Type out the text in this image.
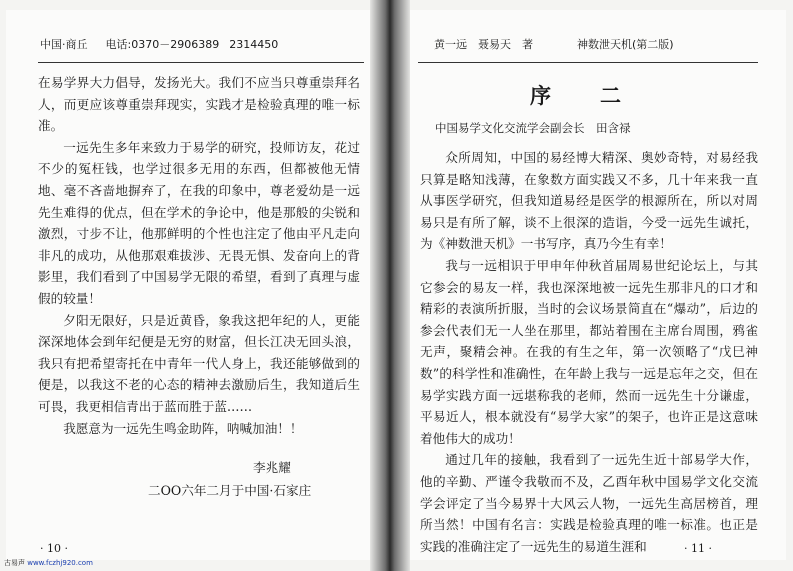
中国·商丘 电话:0370－2906389 2314450

在易学界大力倡导，发扬光大。我们不应当只尊重崇拜名人，而更应该尊重崇拜现实，实践才是检验真理的唯一标准。

一远先生多年来致力于易学的研究，投师访友，花过不少的冤枉钱，也学过很多无用的东西，但都被他无情地、毫不吝啬地摒弃了，在我的印象中，尊老爱幼是一远先生难得的优点，但在学术的争论中，他是那般的尖锐和激烈，寸步不让，他那鲜明的个性也注定了他由平凡走向非凡的成功，从他那艰难拔涉、无畏无惧、发奋向上的背影里，我们看到了中国易学无限的希望，看到了真理与虚假的较量！

夕阳无限好，只是近黄昏，象我这把年纪的人，更能深深地体会到年纪便是无穷的财富，但长江决无回头浪，我只有把希望寄托在中青年一代人身上，我还能够做到的便是，以我这不老的心态的精神去激励后生，我知道后生可畏，我更相信青出于蓝而胜于蓝……

我愿意为一远先生鸣金助阵，呐喊加油！！

李兆耀
二OO六年二月于中国·石家庄
· 10 ·
黄一远　聂易天　著	神数泄天机(第二版)
序　二
中国易学文化交流学会副会长　田含禄

众所周知，中国的易经博大精深、奥妙奇特，对易经我只算是略知浅薄，在象数方面实践又不多，几十年来我一直从事医学研究，但我知道易经是医学的根源所在，所以对周易只是有所了解，谈不上很深的造诣，今受一远先生诚托，为《神数泄天机》一书写序，真乃今生有幸！

我与一远相识于甲申年仲秋首届周易世纪论坛上，与其它参会的易友一样，我也深深地被一远先生那非凡的口才和精彩的表演所折服，当时的会议场景简直在“爆动”，后边的参会代表们无一人坐在那里，都站着围在主席台周围，鸦雀无声，聚精会神。在我的有生之年，第一次领略了“戊巳神数”的科学性和准确性，在年龄上我与一远是忘年之交，但在易学实践方面一远堪称我的老师，然而一远先生十分谦虚，平易近人，根本就没有“易学大家”的架子，也许正是这意味着他伟大的成功！

通过几年的接触，我看到了一远先生近十部易学大作，他的辛勤、严谨令我敬而不及，乙酉年秋中国易学文化交流学会评定了当今易界十大风云人物，一远先生高居榜首，理所当然！中国有名言：实践是检验真理的唯一标准。也正是实践的准确注定了一远先生的易道生涯和	· 11 ·
古易声 www.fczhj920.com
